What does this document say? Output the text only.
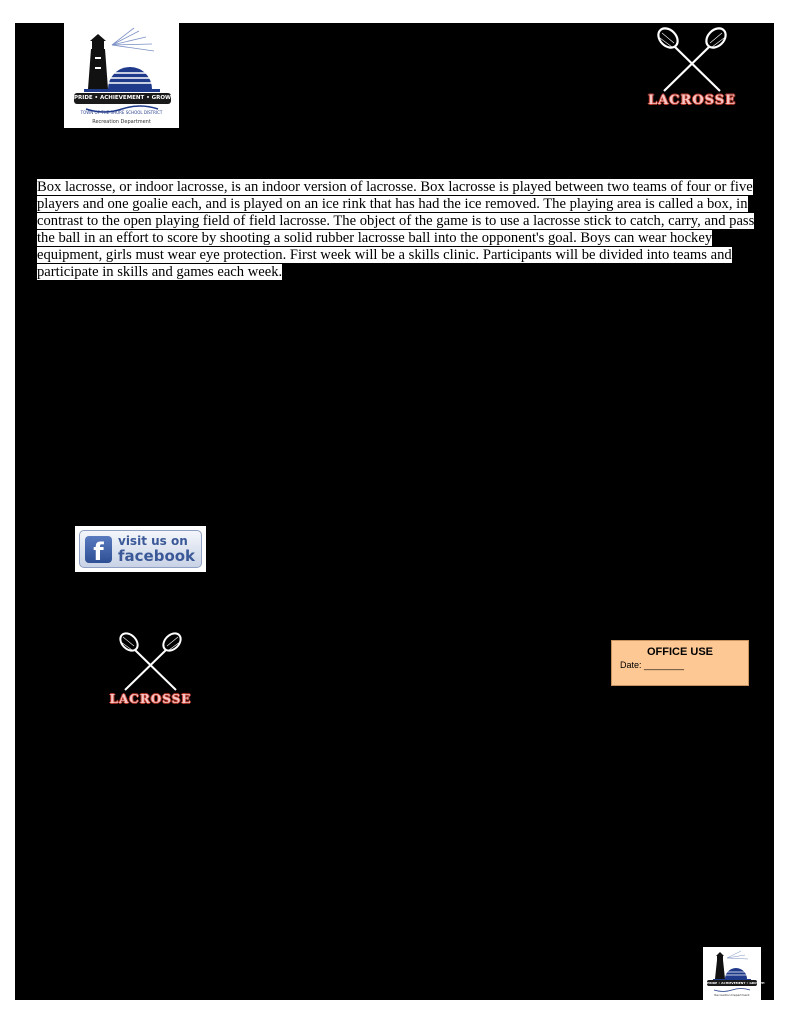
PRIDE • ACHIEVEMENT • GROWTH
TOWN OF THE SHORE SCHOOL DISTRICT
Recreation Department
LACROSSE

Box lacrosse, or indoor lacrosse, is an indoor version of lacrosse. Box lacrosse is played between two teams of four or five players and one goalie each, and is played on an ice rink that has had the ice removed. The playing area is called a box, in contrast to the open playing field of field lacrosse. The object of the game is to use a lacrosse stick to catch, carry, and pass the ball in an effort to score by shooting a solid rubber lacrosse ball into the opponent's goal. Boys can wear hockey equipment, girls must wear eye protection. First week will be a skills clinic. Participants will be divided into teams and participate in skills and games each week.

f	visit us on
facebook
LACROSSE
OFFICE USE
Date: ________
PRIDE • ACHIEVEMENT • GROWTH
Recreation Department
